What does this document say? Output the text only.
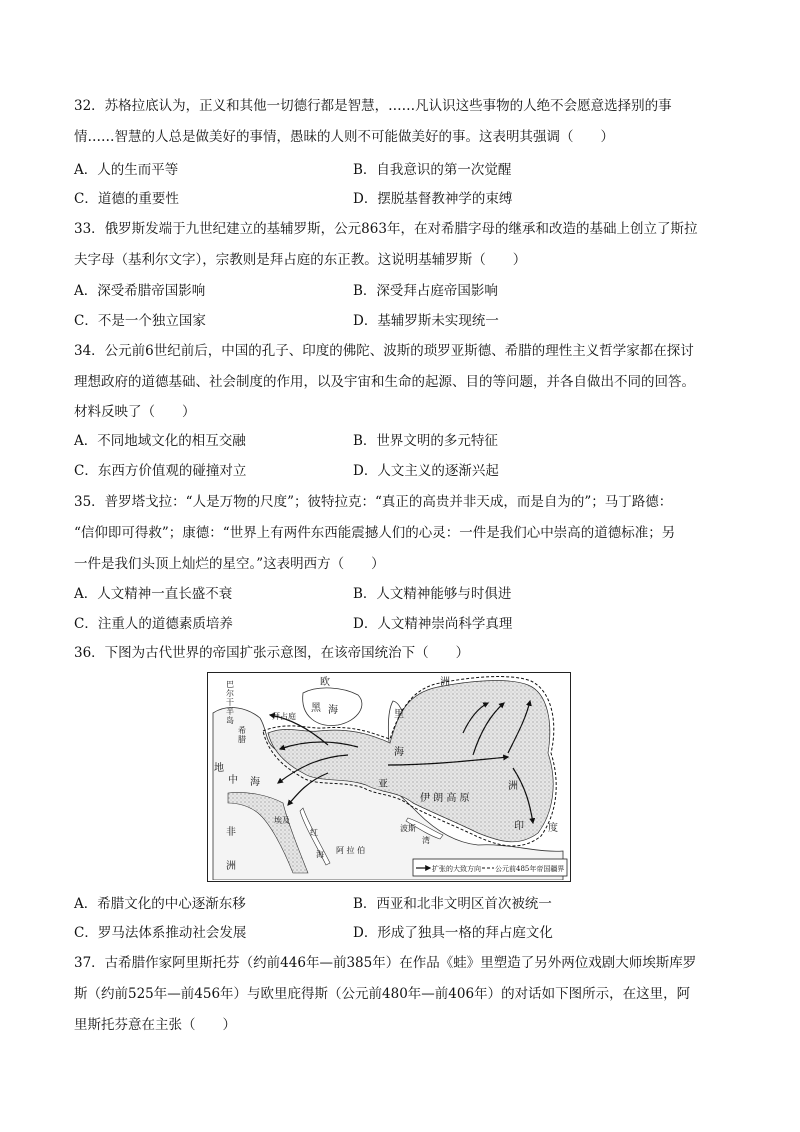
32．苏格拉底认为，正义和其他一切德行都是智慧，……凡认识这些事物的人绝不会愿意选择别的事
情……智慧的人总是做美好的事情，愚昧的人则不可能做美好的事。这表明其强调（　　）
A．人的生而平等	B．自我意识的第一次觉醒
C．道德的重要性	D．摆脱基督教神学的束缚
33．俄罗斯发端于九世纪建立的基辅罗斯，公元863年，在对希腊字母的继承和改造的基础上创立了斯拉
夫字母（基利尔文字），宗教则是拜占庭的东正教。这说明基辅罗斯（　　）
A．深受希腊帝国影响	B．深受拜占庭帝国影响
C．不是一个独立国家	D．基辅罗斯未实现统一
34．公元前6世纪前后，中国的孔子、印度的佛陀、波斯的琐罗亚斯德、希腊的理性主义哲学家都在探讨
理想政府的道德基础、社会制度的作用，以及宇宙和生命的起源、目的等问题，并各自做出不同的回答。
材料反映了（　　）
A．不同地域文化的相互交融	B．世界文明的多元特征
C．东西方价值观的碰撞对立	D．人文主义的逐渐兴起
35．普罗塔戈拉：“人是万物的尺度”；彼特拉克：“真正的高贵并非天成，而是自为的”；马丁路德：
“信仰即可得救”；康德：“世界上有两件东西能震撼人们的心灵：一件是我们心中崇高的道德标准；另
一件是我们头顶上灿烂的星空。”这表明西方（　　）
A．人文精神一直长盛不衰	B．人文精神能够与时俱进
C．注重人的道德素质培养	D．人文精神崇尚科学真理
36．下图为古代世界的帝国扩张示意图，在该帝国统治下（　　）
欧	洲
巴
尔
干
半
岛	拜占庭
希
腊
黑 海	里
海
地
中 海	亚	洲
伊 朗 高 原
埃及
红
海 阿 拉 伯
波斯
湾
印 度
非
洲	扩张的大致方向 公元前485年帝国疆界
A．希腊文化的中心逐渐东移	B．西亚和北非文明区首次被统一
C．罗马法体系推动社会发展	D．形成了独具一格的拜占庭文化
37．古希腊作家阿里斯托芬（约前446年—前385年）在作品《蛙》里塑造了另外两位戏剧大师埃斯库罗
斯（约前525年—前456年）与欧里庇得斯（公元前480年—前406年）的对话如下图所示，在这里，阿
里斯托芬意在主张（　　）
